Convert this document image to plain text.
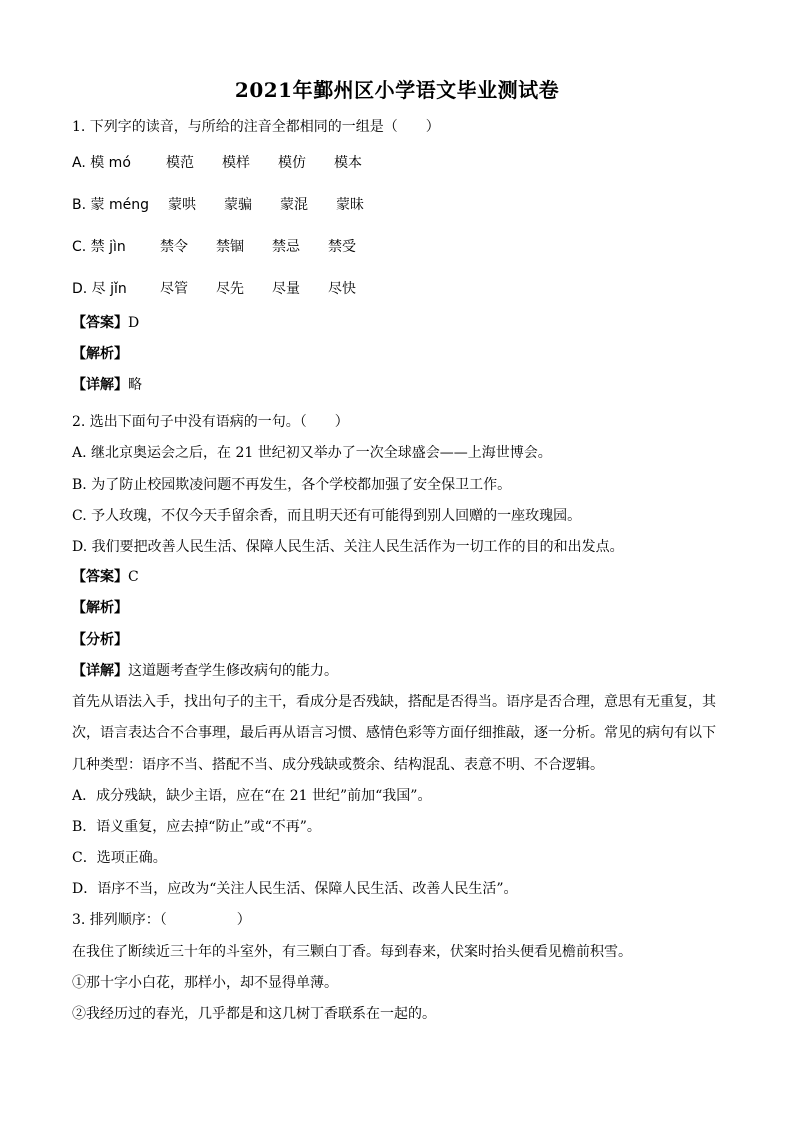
2021年鄞州区小学语文毕业测试卷
1. 下列字的读音，与所给的注音全都相同的一组是（　　）
A. 模 mó	模范 模样 模仿 模本
B. 蒙 méng 蒙哄 蒙骗 蒙混 蒙昧
C. 禁 jìn 禁令 禁锢 禁忌 禁受
D. 尽 jǐn 尽管 尽先 尽量 尽快
【答案】D
【解析】
【详解】略
2. 选出下面句子中没有语病的一句。（　　）
A. 继北京奥运会之后，在 21 世纪初又举办了一次全球盛会——上海世博会。
B. 为了防止校园欺凌问题不再发生，各个学校都加强了安全保卫工作。
C. 予人玫瑰，不仅今天手留余香，而且明天还有可能得到别人回赠的一座玫瑰园。
D. 我们要把改善人民生活、保障人民生活、关注人民生活作为一切工作的目的和出发点。
【答案】C
【解析】
【分析】
【详解】这道题考查学生修改病句的能力。
首先从语法入手，找出句子的主干，看成分是否残缺，搭配是否得当。语序是否合理，意思有无重复，其
次，语言表达合不合事理，最后再从语言习惯、感情色彩等方面仔细推敲，逐一分析。常见的病句有以下
几种类型：语序不当、搭配不当、成分残缺或赘余、结构混乱、表意不明、不合逻辑。
A．成分残缺，缺少主语，应在“在 21 世纪”前加“我国”。
B．语义重复，应去掉“防止”或“不再”。
C．选项正确。
D．语序不当，应改为“关注人民生活、保障人民生活、改善人民生活”。
3. 排列顺序：（　　　　　）
在我住了断续近三十年的斗室外，有三颗白丁香。每到春来，伏案时抬头便看见檐前积雪。
①那十字小白花，那样小，却不显得单薄。
②我经历过的春光，几乎都是和这几树丁香联系在一起的。
